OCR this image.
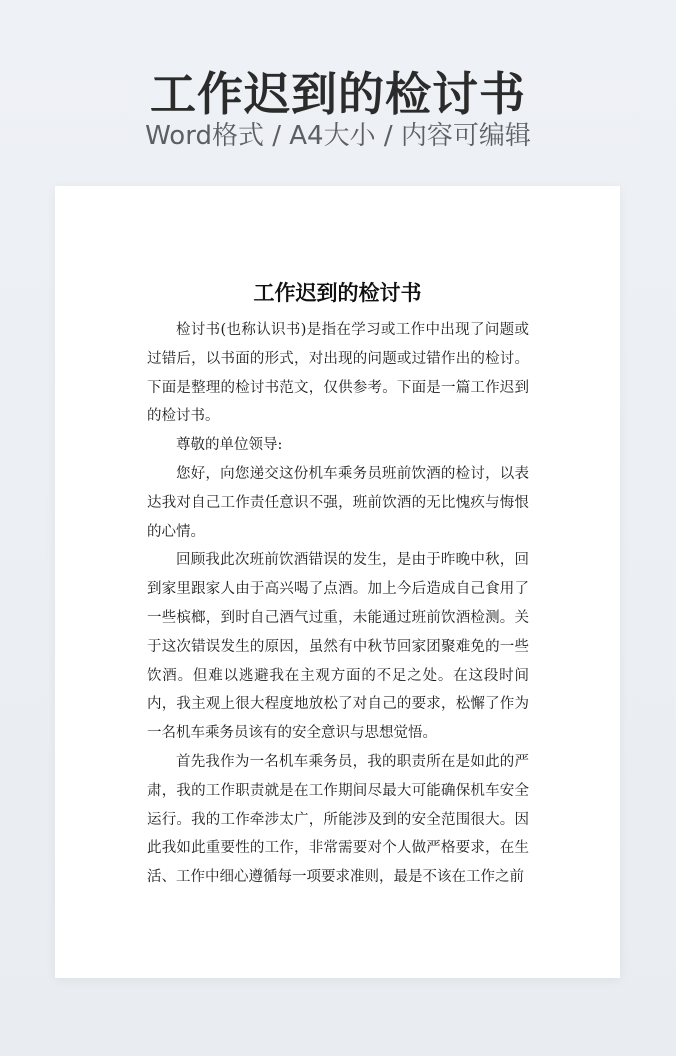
工作迟到的检讨书
Word格式 / A4大小 / 内容可编辑
工作迟到的检讨书

检讨书(也称认识书)是指在学习或工作中出现了问题或过错后，以书面的形式，对出现的问题或过错作出的检讨。下面是整理的检讨书范文，仅供参考。下面是一篇工作迟到的检讨书。

尊敬的单位领导:

您好，向您递交这份机车乘务员班前饮酒的检讨，以表达我对自己工作责任意识不强，班前饮酒的无比愧疚与悔恨的心情。

回顾我此次班前饮酒错误的发生，是由于昨晚中秋，回到家里跟家人由于高兴喝了点酒。加上今后造成自己食用了一些槟榔，到时自己酒气过重，未能通过班前饮酒检测。关于这次错误发生的原因，虽然有中秋节回家团聚难免的一些饮酒。但难以逃避我在主观方面的不足之处。在这段时间内，我主观上很大程度地放松了对自己的要求，松懈了作为一名机车乘务员该有的安全意识与思想觉悟。

首先我作为一名机车乘务员，我的职责所在是如此的严肃，我的工作职责就是在工作期间尽最大可能确保机车安全运行。我的工作牵涉太广，所能涉及到的安全范围很大。因此我如此重要性的工作，非常需要对个人做严格要求，在生活、工作中细心遵循每一项要求准则，最是不该在工作之前
